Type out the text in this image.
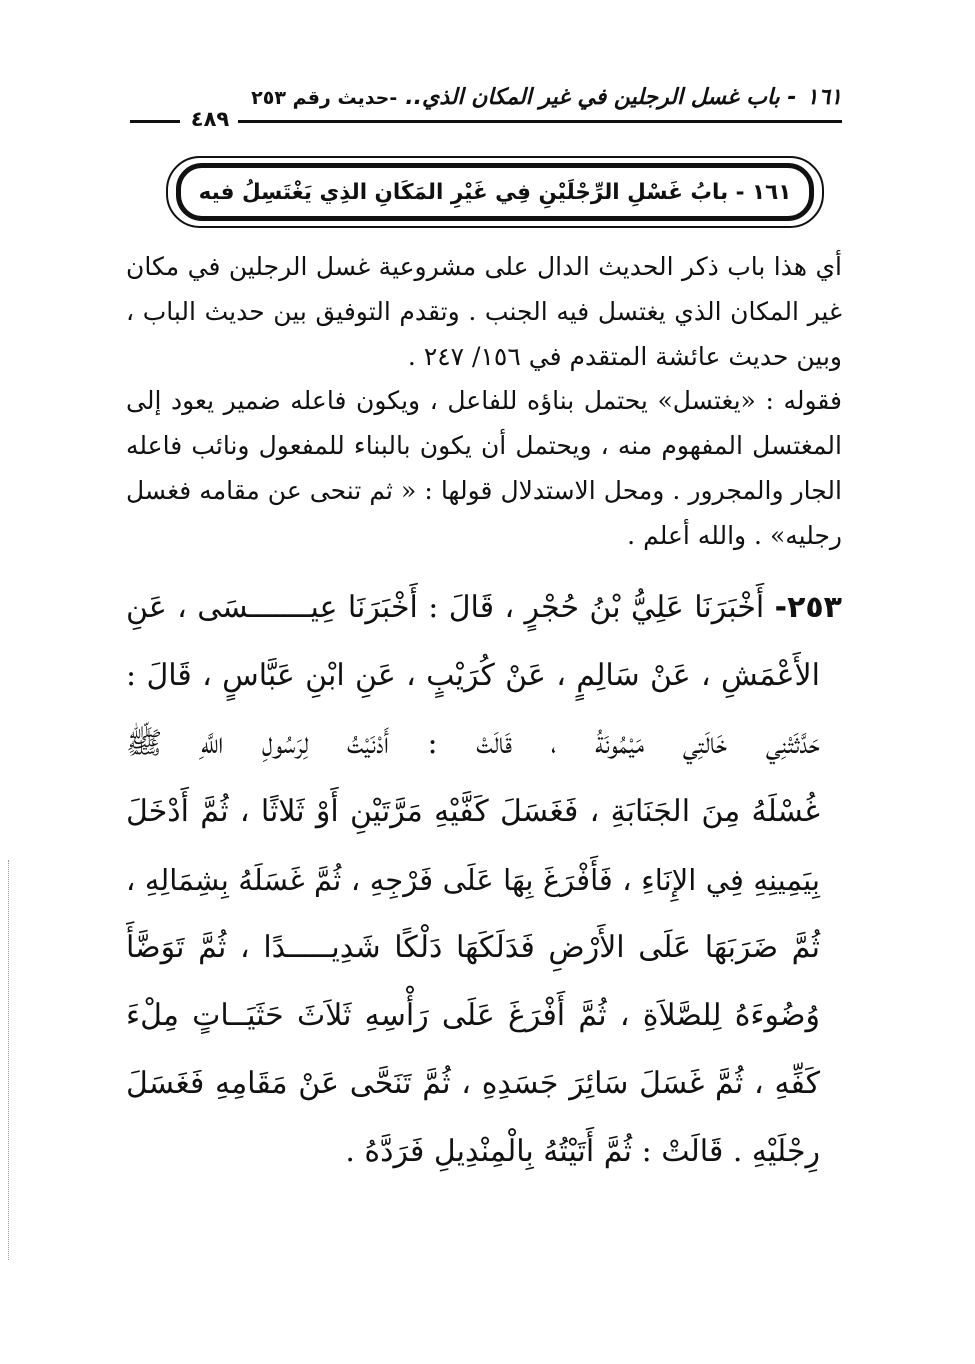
١٦١- باب غسل الرجلين في غير المكان الذي..-حديث رقم ٢٥٣
٤٨٩
١٦١ - بابُ غَسْلِ الرِّجْلَيْنِ فِي غَيْرِ المَكَانِ الذِي يَغْتَسِلُ فيه
أي هذا باب ذكر الحديث الدال على مشروعية غسل الرجلين في مكان غير المكان الذي يغتسل فيه الجنب . وتقدم التوفيق بين حديث الباب ، وبين حديث عائشة المتقدم في ١٥٦/ ٢٤٧ .
فقوله : «يغتسل» يحتمل بناؤه للفاعل ، ويكون فاعله ضمير يعود إلى المغتسل المفهوم منه ، ويحتمل أن يكون بالبناء للمفعول ونائب فاعله الجار والمجرور . ومحل الاستدلال قولها : « ثم تنحى عن مقامه فغسل رجليه» . والله أعلم .
٢٥٣- أَخْبَرَنَا عَلِيُّ بْنُ حُجْرٍ ، قَالَ : أَخْبَرَنَا عِيـــــــسَى ، عَنِ
الأَعْمَشِ ، عَنْ سَالِمٍ ، عَنْ كُرَيْبٍ ، عَنِ ابْنِ عَبَّاسٍ ، قَالَ :
حَدَّثَتْنِي خَالَتِي مَيْمُونَةُ ، قَالَتْ : أَدْنَيْتُ لِرَسُولِ اللَّهِ ﷺ
غُسْلَهُ مِنَ الجَنَابَةِ ، فَغَسَلَ كَفَّيْهِ مَرَّتَيْنِ أَوْ ثَلاثًا ، ثُمَّ أَدْخَلَ
بِيَمِينِهِ فِي الإِنَاءِ ، فَأَفْرَغَ بِهَا عَلَى فَرْجِهِ ، ثُمَّ غَسَلَهُ بِشِمَالِهِ ،
ثُمَّ ضَرَبَهَا عَلَى الأَرْضِ فَدَلَكَهَا دَلْكًا شَدِيـــــدًا ، ثُمَّ تَوَضَّأَ
وُضُوءَهُ لِلصَّلاَةِ ، ثُمَّ أَفْرَغَ عَلَى رَأْسِهِ ثَلاَثَ حَثَيَــاتٍ مِلْءَ
كَفِّهِ ، ثُمَّ غَسَلَ سَائِرَ جَسَدِهِ ، ثُمَّ تَنَحَّى عَنْ مَقَامِهِ فَغَسَلَ
رِجْلَيْهِ . قَالَتْ : ثُمَّ أَتَيْتُهُ بِالْمِنْدِيلِ فَرَدَّهُ .
